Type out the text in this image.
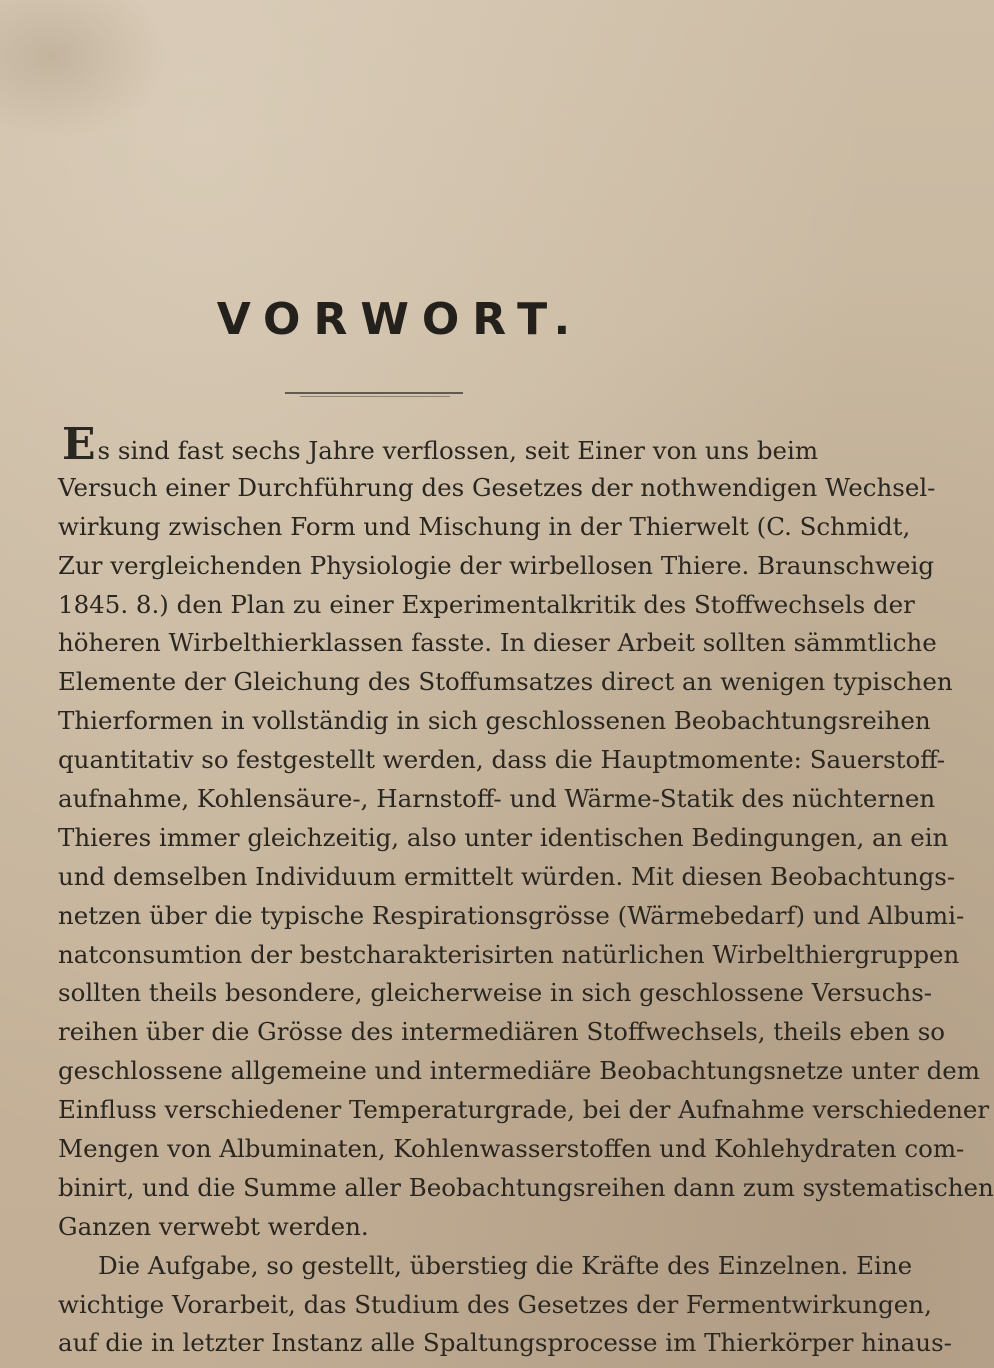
VORWORT.
Es sind fast sechs Jahre verflossen, seit Einer von uns beim
Versuch einer Durchführung des Gesetzes der nothwendigen Wechsel-
wirkung zwischen Form und Mischung in der Thierwelt (C. Schmidt,
Zur vergleichenden Physiologie der wirbellosen Thiere. Braunschweig
1845. 8.) den Plan zu einer Experimentalkritik des Stoffwechsels der
höheren Wirbelthierklassen fasste. In dieser Arbeit sollten sämmtliche
Elemente der Gleichung des Stoffumsatzes direct an wenigen typischen
Thierformen in vollständig in sich geschlossenen Beobachtungsreihen
quantitativ so festgestellt werden, dass die Hauptmomente: Sauerstoff-
aufnahme, Kohlensäure-, Harnstoff- und Wärme-Statik des nüchternen
Thieres immer gleichzeitig, also unter identischen Bedingungen, an ein
und demselben Individuum ermittelt würden. Mit diesen Beobachtungs-
netzen über die typische Respirationsgrösse (Wärmebedarf) und Albumi-
natconsumtion der bestcharakterisirten natürlichen Wirbelthiergruppen
sollten theils besondere, gleicherweise in sich geschlossene Versuchs-
reihen über die Grösse des intermediären Stoffwechsels, theils eben so
geschlossene allgemeine und intermediäre Beobachtungsnetze unter dem
Einfluss verschiedener Temperaturgrade, bei der Aufnahme verschiedener
Mengen von Albuminaten, Kohlenwasserstoffen und Kohlehydraten com-
binirt, und die Summe aller Beobachtungsreihen dann zum systematischen
Ganzen verwebt werden.
Die Aufgabe, so gestellt, überstieg die Kräfte des Einzelnen. Eine
wichtige Vorarbeit, das Studium des Gesetzes der Fermentwirkungen,
auf die in letzter Instanz alle Spaltungsprocesse im Thierkörper hinaus-
